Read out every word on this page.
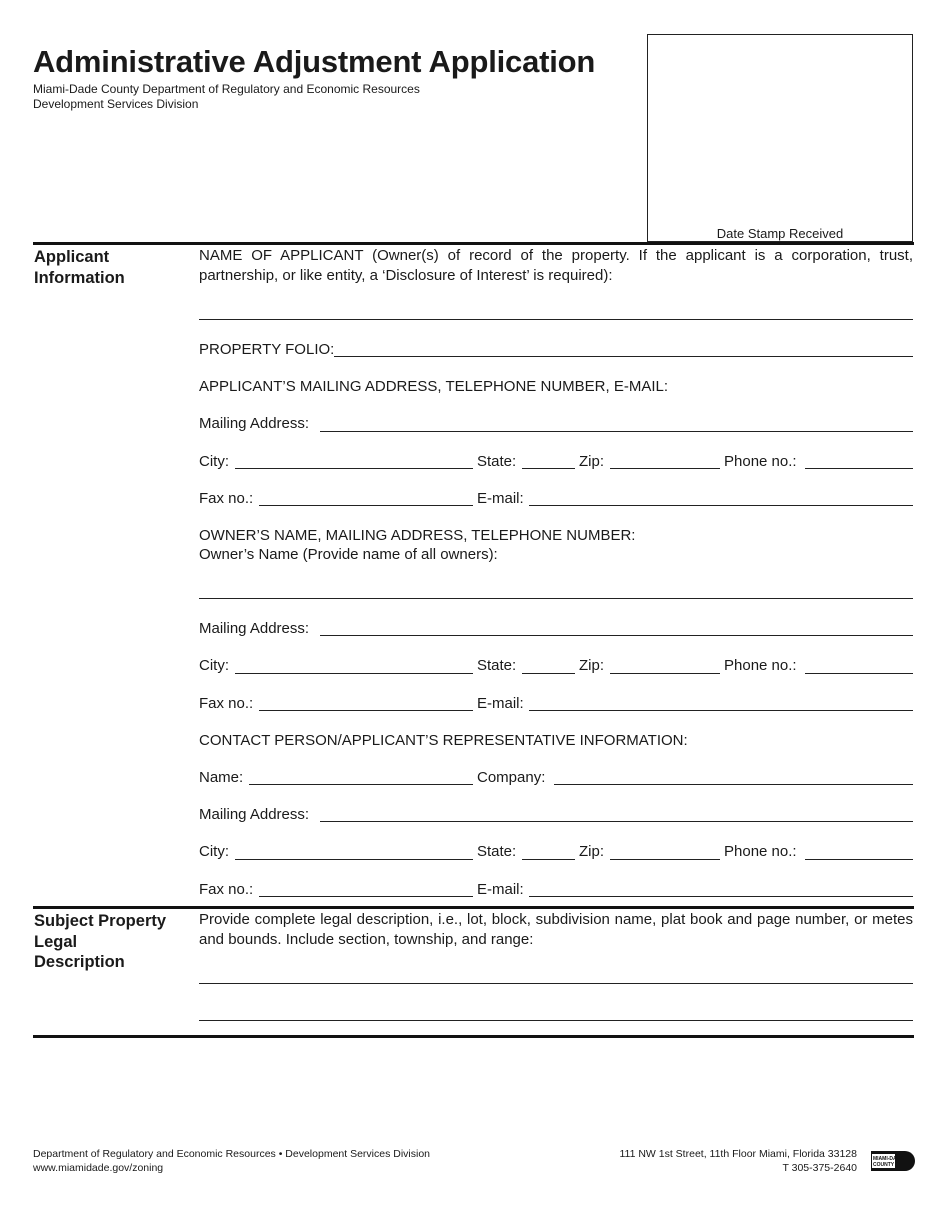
Administrative Adjustment Application
Miami-Dade County Department of Regulatory and Economic Resources
Development Services Division
Date Stamp Received
Applicant
Information
NAME OF APPLICANT (Owner(s) of record of the property. If the applicant is a corporation, trust, partnership, or like entity, a ‘Disclosure of Interest’ is required):
PROPERTY FOLIO:
APPLICANT’S MAILING ADDRESS, TELEPHONE NUMBER, E-MAIL:
Mailing Address:
City:	State:	Zip:	Phone no.:
Fax no.:	E-mail:
OWNER’S NAME, MAILING ADDRESS, TELEPHONE NUMBER:
Owner’s Name (Provide name of all owners):
Mailing Address:
City:	State:	Zip:	Phone no.:
Fax no.:	E-mail:
CONTACT PERSON/APPLICANT’S REPRESENTATIVE INFORMATION:
Name:	Company:
Mailing Address:
City:	State:	Zip:	Phone no.:
Fax no.:	E-mail:
Subject Property
Legal
Description
Provide complete legal description, i.e., lot, block, subdivision name, plat book and page number, or metes and bounds. Include section, township, and range:
Department of Regulatory and Economic Resources • Development Services Division
www.miamidade.gov/zoning
111 NW 1st Street, 11th Floor Miami, Florida 33128
T 305-375-2640
MIAMI-DADE
COUNTY
